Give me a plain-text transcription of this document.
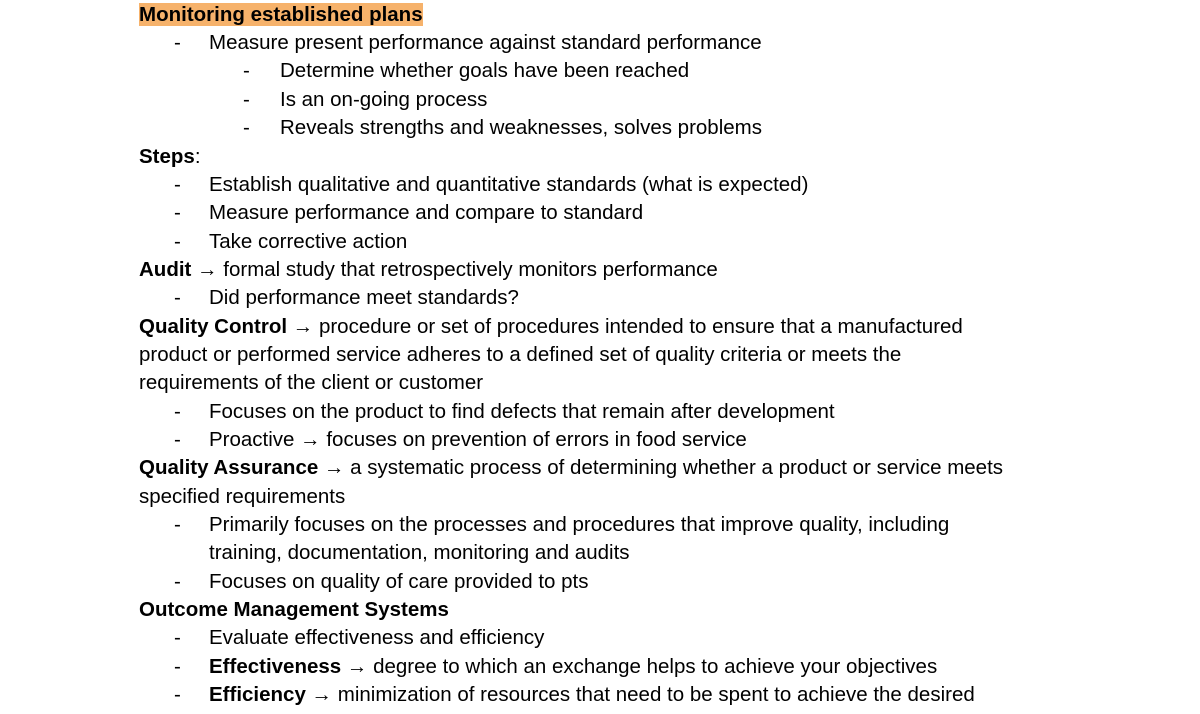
Monitoring established plans
- Measure present performance against standard performance
- Determine whether goals have been reached
- Is an on-going process
- Reveals strengths and weaknesses, solves problems
Steps:
- Establish qualitative and quantitative standards (what is expected)
- Measure performance and compare to standard
- Take corrective action
Audit → formal study that retrospectively monitors performance
- Did performance meet standards?
Quality Control → procedure or set of procedures intended to ensure that a manufactured
product or performed service adheres to a defined set of quality criteria or meets the
requirements of the client or customer
- Focuses on the product to find defects that remain after development
- Proactive → focuses on prevention of errors in food service
Quality Assurance → a systematic process of determining whether a product or service meets
specified requirements
- Primarily focuses on the processes and procedures that improve quality, including
training, documentation, monitoring and audits
- Focuses on quality of care provided to pts
Outcome Management Systems
- Evaluate effectiveness and efficiency
- Effectiveness → degree to which an exchange helps to achieve your objectives
- Efficiency → minimization of resources that need to be spent to achieve the desired
